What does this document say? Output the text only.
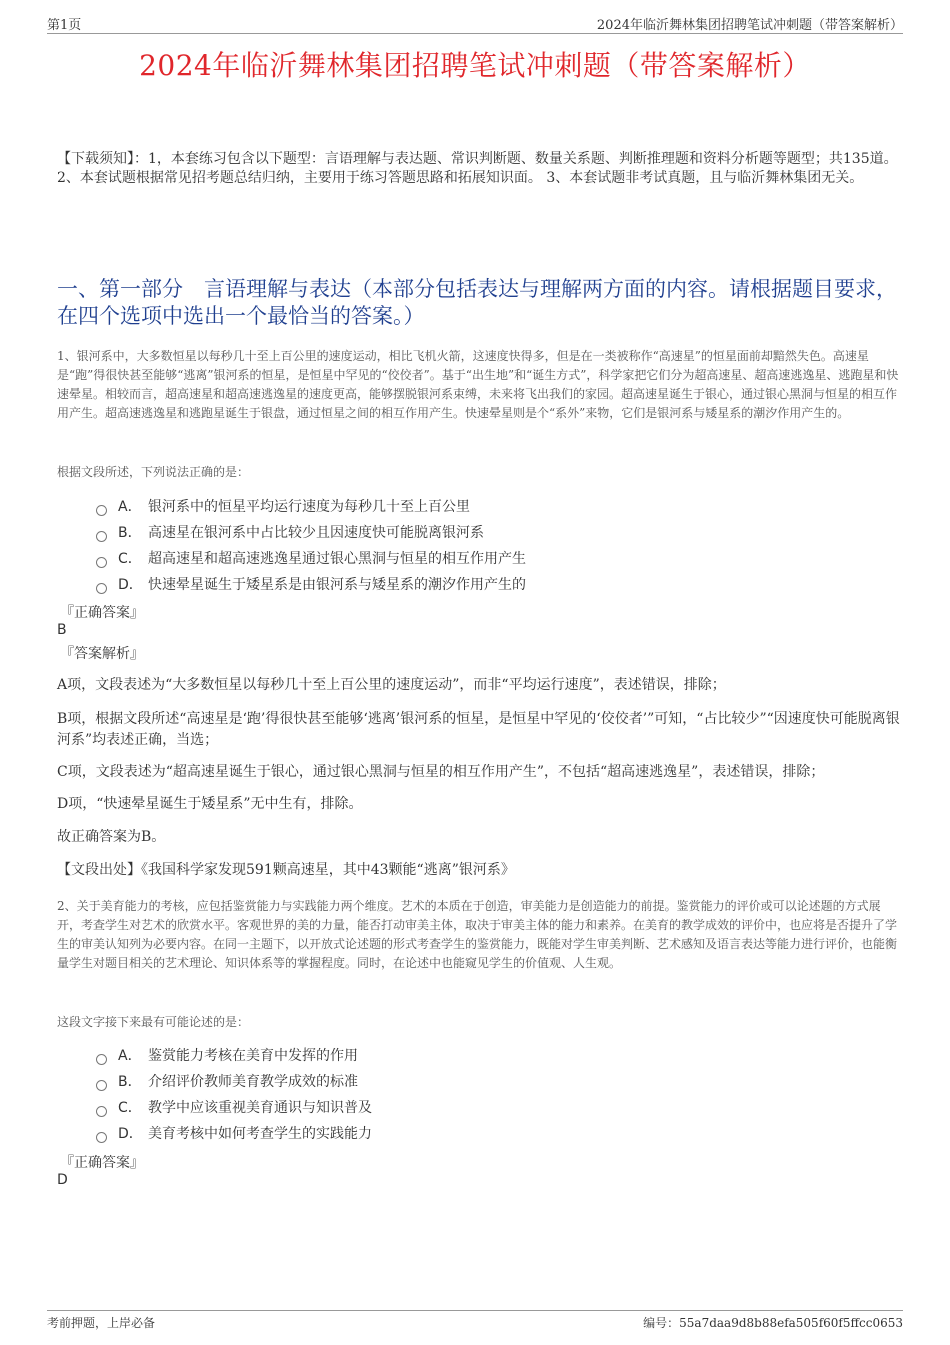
第1页	2024年临沂舞林集团招聘笔试冲刺题（带答案解析）
2024年临沂舞林集团招聘笔试冲刺题（带答案解析）
【下载须知】：1，本套练习包含以下题型：言语理解与表达题、常识判断题、数量关系题、判断推理题和资料分析题等题型；共135道。 2、本套试题根据常见招考题总结归纳，主要用于练习答题思路和拓展知识面。 3、本套试题非考试真题，且与临沂舞林集团无关。
一、第一部分　言语理解与表达（本部分包括表达与理解两方面的内容。请根据题目要求，在四个选项中选出一个最恰当的答案。）
1、银河系中，大多数恒星以每秒几十至上百公里的速度运动，相比飞机火箭，这速度快得多，但是在一类被称作“高速星”的恒星面前却黯然失色。高速星是“跑”得很快甚至能够“逃离”银河系的恒星，是恒星中罕见的“佼佼者”。基于“出生地”和“诞生方式”，科学家把它们分为超高速星、超高速逃逸星、逃跑星和快速晕星。相较而言，超高速星和超高速逃逸星的速度更高，能够摆脱银河系束缚，未来将飞出我们的家园。超高速星诞生于银心，通过银心黑洞与恒星的相互作用产生。超高速逃逸星和逃跑星诞生于银盘，通过恒星之间的相互作用产生。快速晕星则是个“系外”来物，它们是银河系与矮星系的潮汐作用产生的。
根据文段所述，下列说法正确的是：
A． 银河系中的恒星平均运行速度为每秒几十至上百公里
B． 高速星在银河系中占比较少且因速度快可能脱离银河系
C． 超高速星和超高速逃逸星通过银心黑洞与恒星的相互作用产生
D． 快速晕星诞生于矮星系是由银河系与矮星系的潮汐作用产生的
『正确答案』
B
『答案解析』
A项，文段表述为“大多数恒星以每秒几十至上百公里的速度运动”，而非“平均运行速度”，表述错误，排除；
B项，根据文段所述“高速星是‘跑’得很快甚至能够‘逃离’银河系的恒星，是恒星中罕见的‘佼佼者’”可知，“占比较少”“因速度快可能脱离银河系”均表述正确，当选；
C项，文段表述为“超高速星诞生于银心，通过银心黑洞与恒星的相互作用产生”，不包括“超高速逃逸星”，表述错误，排除；
D项，“快速晕星诞生于矮星系”无中生有，排除。
故正确答案为B。
【文段出处】《我国科学家发现591颗高速星，其中43颗能“逃离”银河系》
2、关于美育能力的考核，应包括鉴赏能力与实践能力两个维度。艺术的本质在于创造，审美能力是创造能力的前提。鉴赏能力的评价或可以论述题的方式展开，考查学生对艺术的欣赏水平。客观世界的美的力量，能否打动审美主体，取决于审美主体的能力和素养。在美育的教学成效的评价中，也应将是否提升了学生的审美认知列为必要内容。在同一主题下，以开放式论述题的形式考查学生的鉴赏能力，既能对学生审美判断、艺术感知及语言表达等能力进行评价，也能衡量学生对题目相关的艺术理论、知识体系等的掌握程度。同时，在论述中也能窥见学生的价值观、人生观。
这段文字接下来最有可能论述的是：
A． 鉴赏能力考核在美育中发挥的作用
B． 介绍评价教师美育教学成效的标准
C． 教学中应该重视美育通识与知识普及
D． 美育考核中如何考查学生的实践能力
『正确答案』
D
考前押题，上岸必备	编号：55a7daa9d8b88efa505f60f5ffcc0653
